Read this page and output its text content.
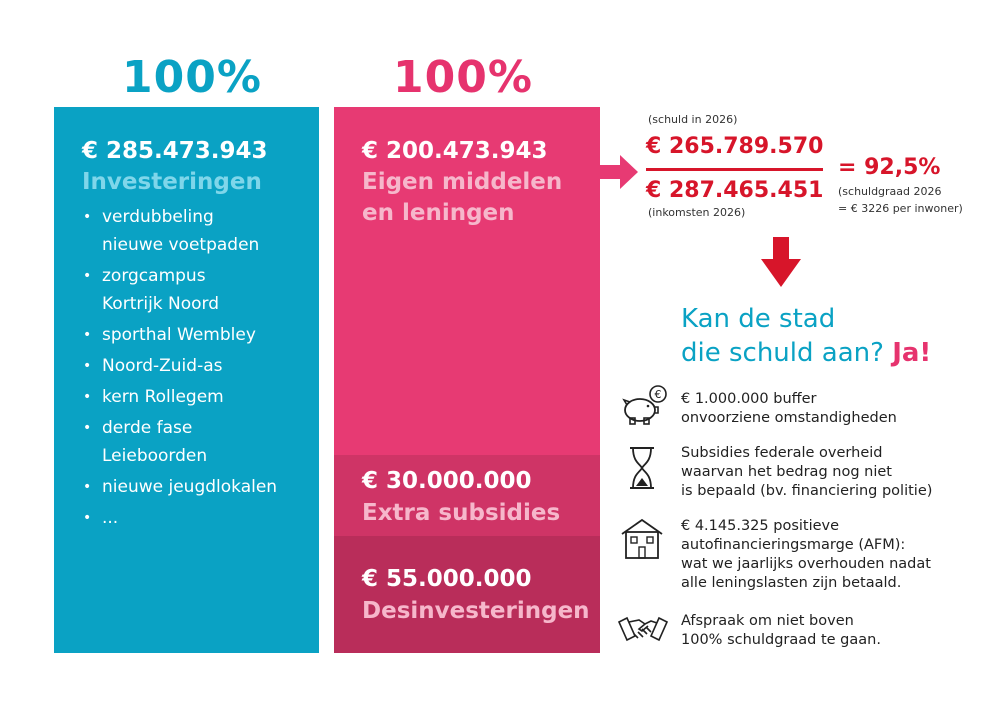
100%	100%
€ 285.473.943
Investeringen
• verdubbeling
nieuwe voetpaden
• zorgcampus
Kortrijk Noord
• sporthal Wembley
• Noord-Zuid-as
• kern Rollegem
• derde fase
Leieboorden
• nieuwe jeugdlokalen
• ...
€ 200.473.943
Eigen middelen
en leningen
€ 30.000.000
Extra subsidies
€ 55.000.000
Desinvesteringen
(schuld in 2026)
€ 265.789.570
€ 287.465.451
(inkomsten 2026)
= 92,5%
(schuldgraad 2026
= € 3226 per inwoner)
Kan de stad
die schuld aan? Ja!
€ € 1.000.000 buffer
onvoorziene omstandigheden
Subsidies federale overheid
waarvan het bedrag nog niet
is bepaald (bv. financiering politie)
€ 4.145.325 positieve
autofinancieringsmarge (AFM):
wat we jaarlijks overhouden nadat
alle leningslasten zijn betaald.
Afspraak om niet boven
100% schuldgraad te gaan.
